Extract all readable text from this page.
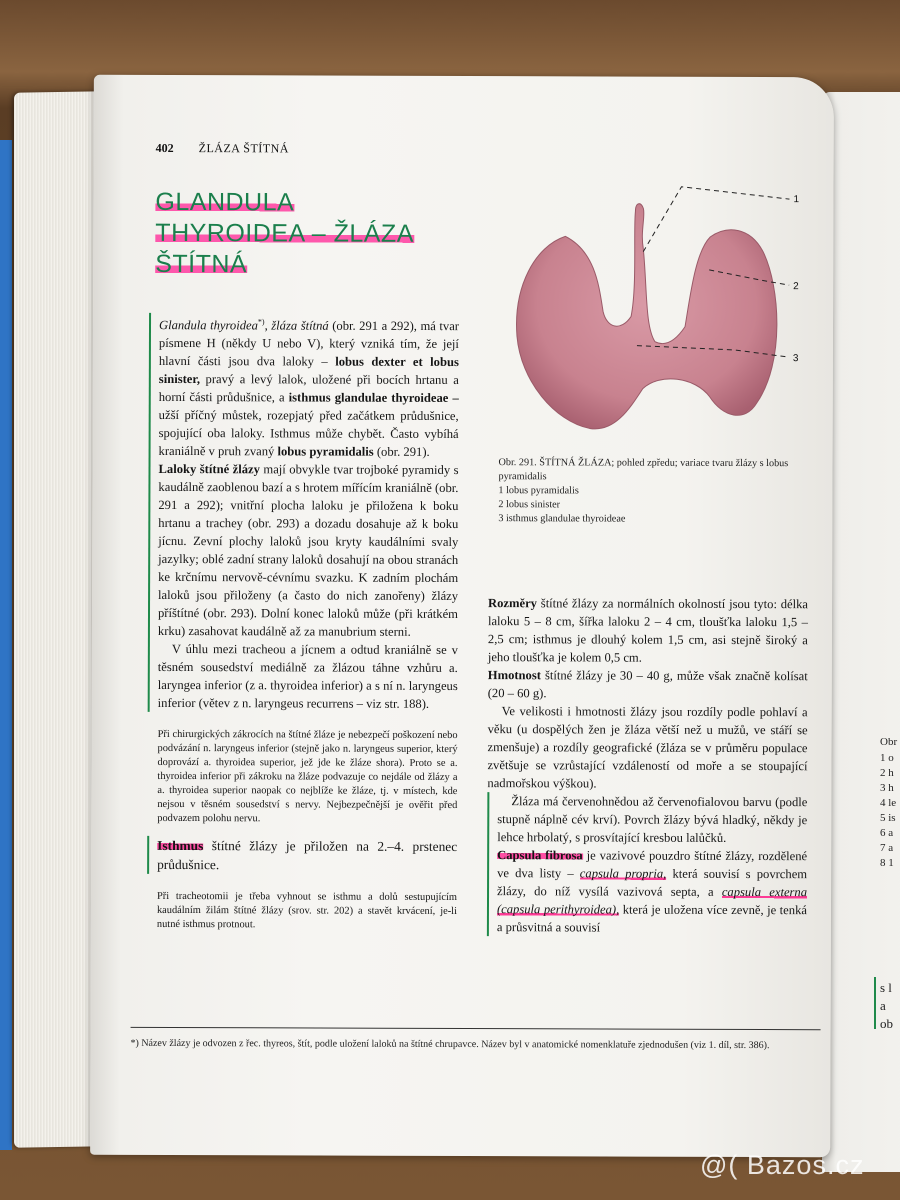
Obr
1 o
2 h
3 h
4 le
5 is
6 a
7 a
8 1
s l
a
ob
402 ŽLÁZA ŠTÍTNÁ
GLANDULA
THYROIDEA – ŽLÁZA
ŠTÍTNÁ

Glandula thyroidea*), žláza štítná (obr. 291 a 292), má tvar písmene H (někdy U nebo V), který vzniká tím, že její hlavní části jsou dva laloky – lobus dexter et lobus sinister, pravý a levý lalok, uložené při bocích hrtanu a horní části průdušnice, a isthmus glandulae thyroideae – užší příčný můstek, rozepjatý před začátkem průdušnice, spojující oba laloky. Isthmus může chybět. Často vybíhá kraniálně v pruh zvaný lobus pyramidalis (obr. 291).

Laloky štítné žlázy mají obvykle tvar trojboké pyramidy s kaudálně zaoblenou bazí a s hrotem mířícím kraniálně (obr. 291 a 292); vnitřní plocha laloku je přiložena k boku hrtanu a trachey (obr. 293) a dozadu dosahuje až k boku jícnu. Zevní plochy laloků jsou kryty kaudálními svaly jazylky; oblé zadní strany laloků dosahují na obou stranách ke krčnímu nervově-cévnímu svazku. K zadním plochám laloků jsou přiloženy (a často do nich zanořeny) žlázy příštítné (obr. 293). Dolní konec laloků může (při krátkém krku) zasahovat kaudálně až za manubrium sterni.

V úhlu mezi tracheou a jícnem a odtud kraniálně se v těsném sousedství mediálně za žlázou táhne vzhůru a. laryngea inferior (z a. thyroidea inferior) a s ní n. laryngeus inferior (větev z n. laryngeus recurrens – viz str. 188).

Při chirurgických zákrocích na štítné žláze je nebezpečí poškození nebo podvázání n. laryngeus inferior (stejně jako n. laryngeus superior, který doprovází a. thyroidea superior, jež jde ke žláze shora). Proto se a. thyroidea inferior při zákroku na žláze podvazuje co nejdále od žlázy a a. thyroidea superior naopak co nejblíže ke žláze, tj. v místech, kde nejsou v těsném sousedství s nervy. Nejbezpečnější je ověřit před podvazem polohu nervu.

Isthmus štítné žlázy je přiložen na 2.–4. prstenec průdušnice.

Při tracheotomii je třeba vyhnout se isthmu a dolů sestupujícím kaudálním žilám štítné žlázy (srov. str. 202) a stavět krvácení, je-li nutné isthmus protnout.

1
2
3
Obr. 291. ŠTÍTNÁ ŽLÁZA; pohled zpředu; variace tvaru žlázy s lobus pyramidalis
1 lobus pyramidalis
2 lobus sinister
3 isthmus glandulae thyroideae

Rozměry štítné žlázy za normálních okolností jsou tyto: délka laloku 5 – 8 cm, šířka laloku 2 – 4 cm, tloušťka laloku 1,5 – 2,5 cm; isthmus je dlouhý kolem 1,5 cm, asi stejně široký a jeho tloušťka je kolem 0,5 cm.

Hmotnost štítné žlázy je 30 – 40 g, může však značně kolísat (20 – 60 g).

Ve velikosti i hmotnosti žlázy jsou rozdíly podle pohlaví a věku (u dospělých žen je žláza větší než u mužů, ve stáří se zmenšuje) a rozdíly geografické (žláza se v průměru populace zvětšuje se vzrůstající vzdáleností od moře a se stoupající nadmořskou výškou).

Žláza má červenohnědou až červenofialovou barvu (podle stupně náplně cév krví). Povrch žlázy bývá hladký, někdy je lehce hrbolatý, s prosvítající kresbou lalůčků.

Capsula fibrosa je vazivové pouzdro štítné žlázy, rozdělené ve dva listy – capsula propria, která souvisí s povrchem žlázy, do níž vysílá vazivová septa, a capsula externa (capsula perithyroidea), která je uložena více zevně, je tenká a průsvitná a souvisí

*) Název žlázy je odvozen z řec. thyreos, štít, podle uložení laloků na štítné chrupavce. Název byl v anatomické nomenklatuře zjednodušen (viz 1. díl, str. 386).
@( Bazos.cz
